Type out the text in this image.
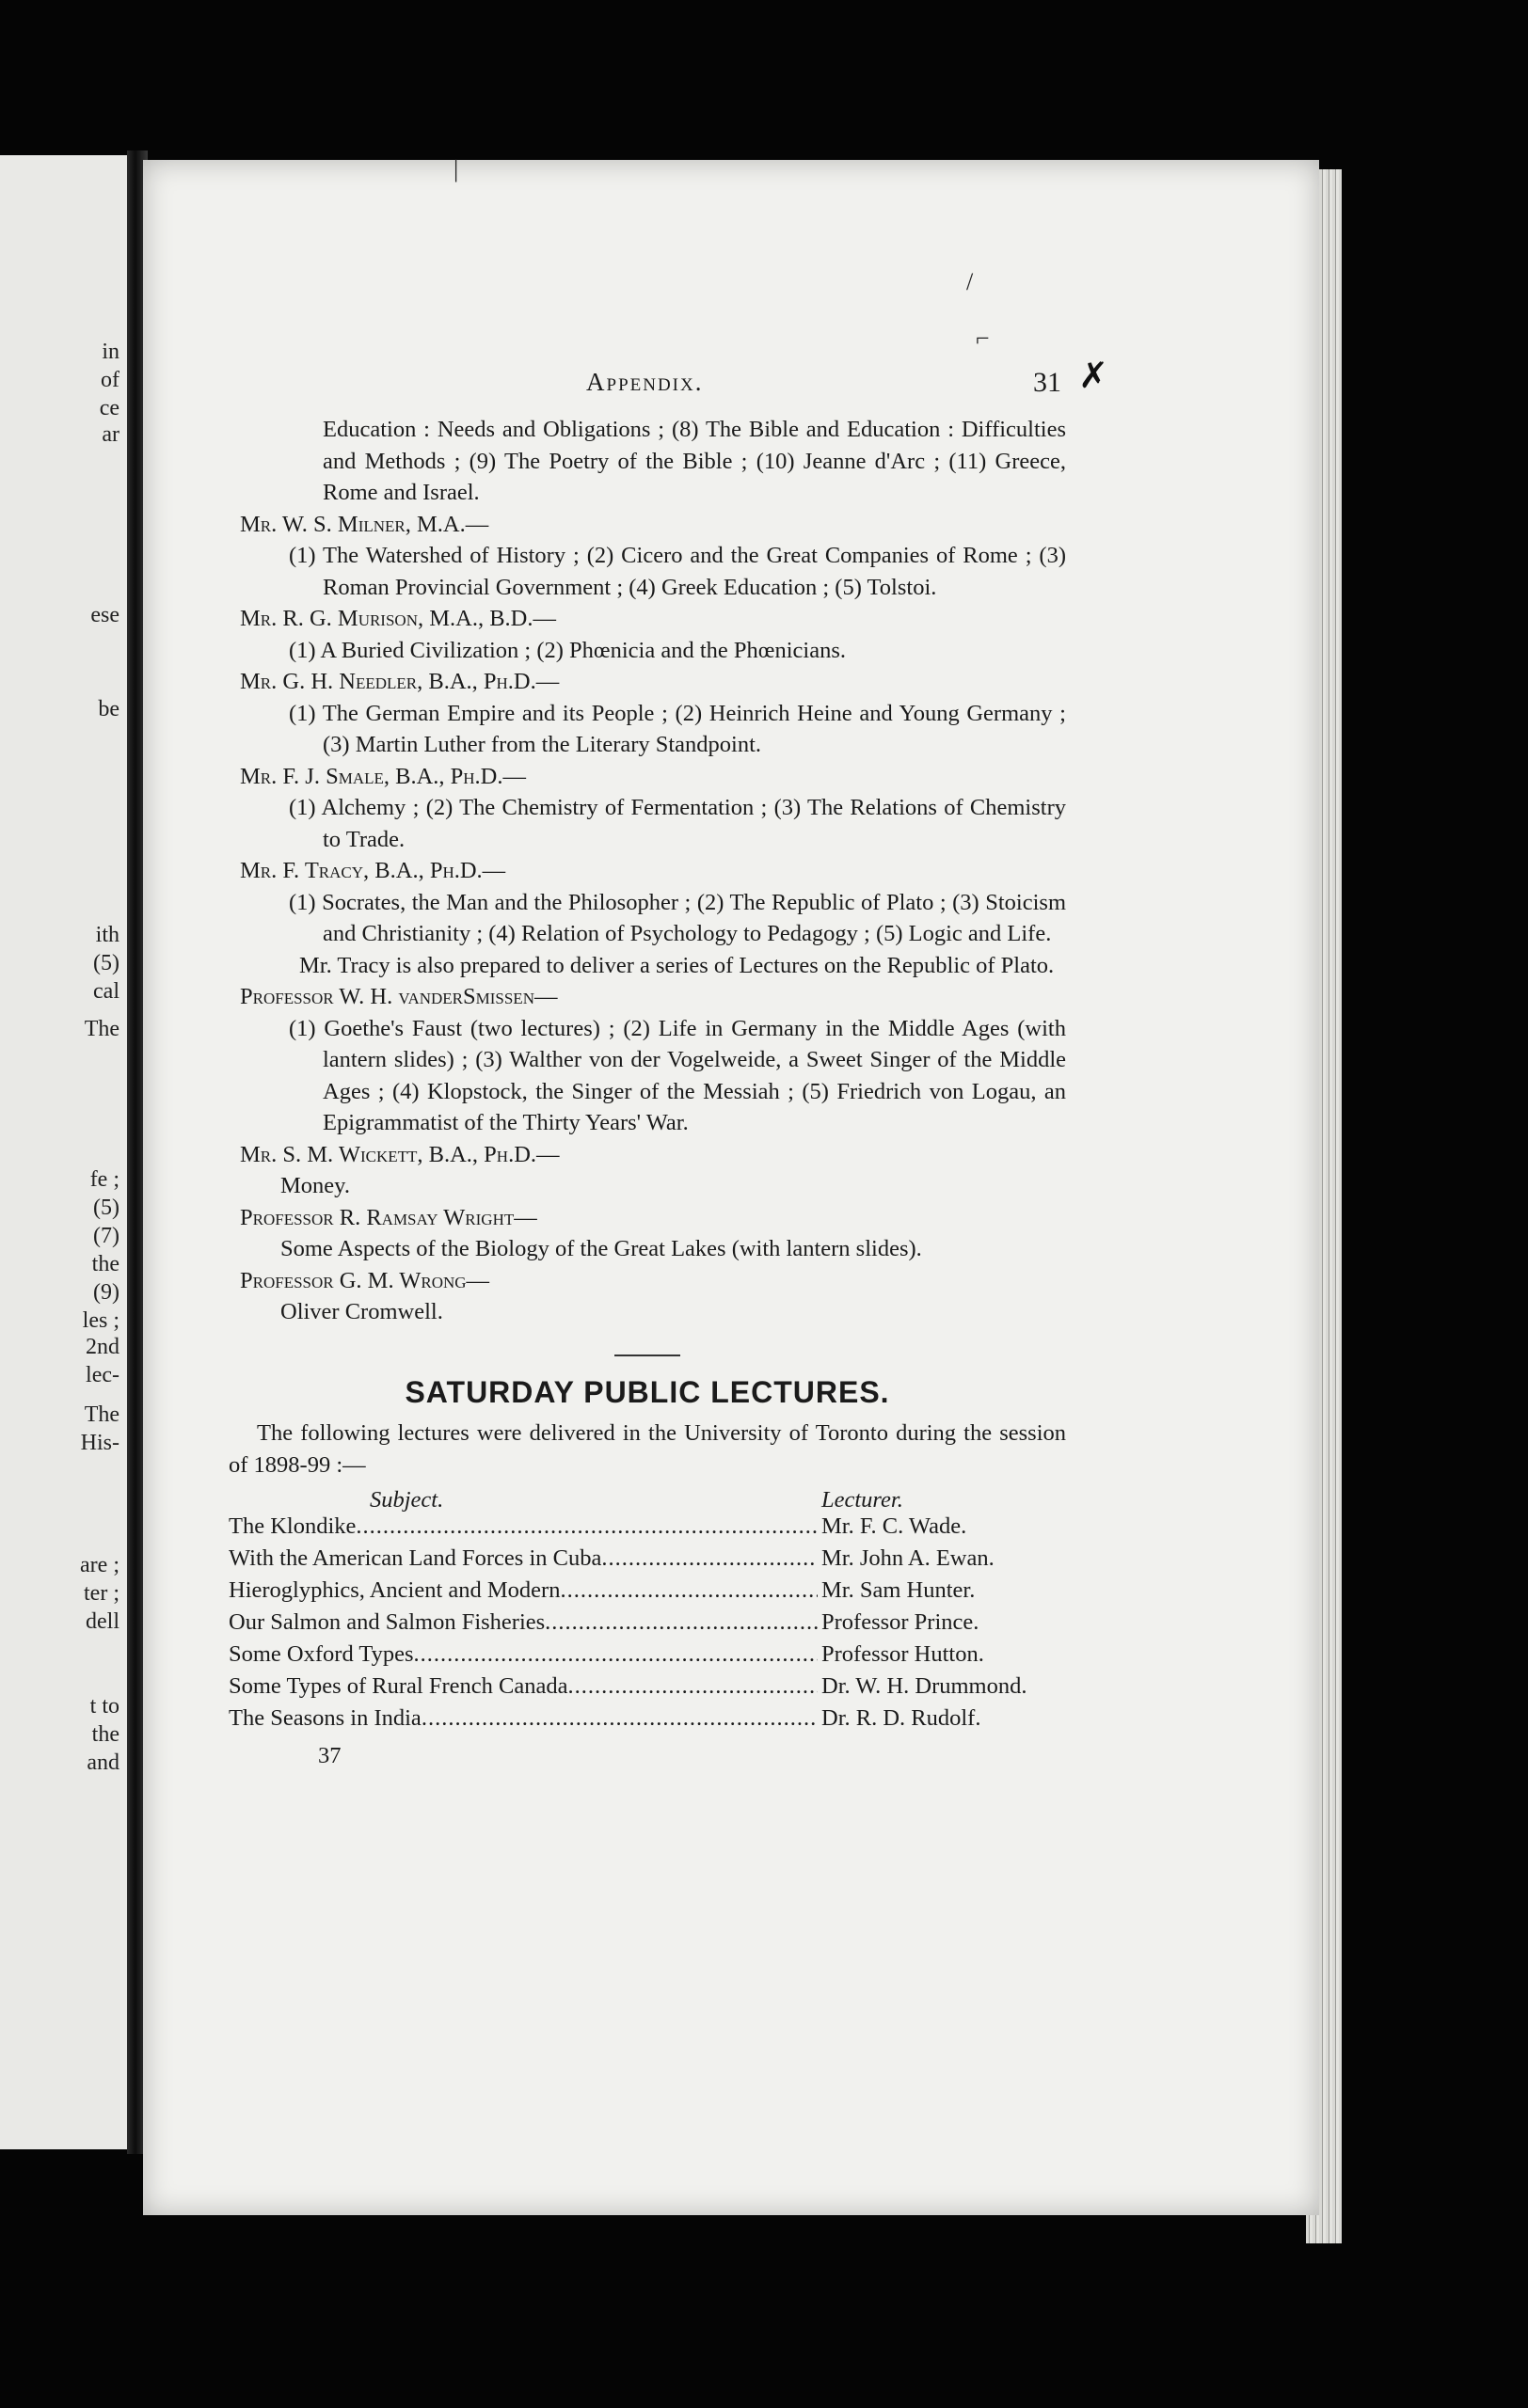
in
of
ce
ar
ese
be
ith
(5)
cal
The
fe ;
(5)
(7)
the
(9)
les ;
2nd
lec-
The
His-
are ;
ter ;
dell
t to
the
and
|
/
⌐
Appendix.	31 ✗
Education : Needs and Obligations ; (8) The Bible and Education : Difficulties and Methods ; (9) The Poetry of the Bible ; (10) Jeanne d'Arc ; (11) Greece, Rome and Israel.
Mr. W. S. Milner, M.A.—
(1) The Watershed of History ; (2) Cicero and the Great Companies of Rome ; (3) Roman Provincial Government ; (4) Greek Education ; (5) Tolstoi.
Mr. R. G. Murison, M.A., B.D.—
(1) A Buried Civilization ; (2) Phœnicia and the Phœnicians.
Mr. G. H. Needler, B.A., Ph.D.—
(1) The German Empire and its People ; (2) Heinrich Heine and Young Germany ; (3) Martin Luther from the Literary Standpoint.
Mr. F. J. Smale, B.A., Ph.D.—
(1) Alchemy ; (2) The Chemistry of Fermentation ; (3) The Relations of Chemistry to Trade.
Mr. F. Tracy, B.A., Ph.D.—
(1) Socrates, the Man and the Philosopher ; (2) The Republic of Plato ; (3) Stoicism and Christianity ; (4) Relation of Psychology to Pedagogy ; (5) Logic and Life.
Mr. Tracy is also prepared to deliver a series of Lectures on the Republic of Plato.
Professor W. H. vanderSmissen—
(1) Goethe's Faust (two lectures) ; (2) Life in Germany in the Middle Ages (with lantern slides) ; (3) Walther von der Vogelweide, a Sweet Singer of the Middle Ages ; (4) Klopstock, the Singer of the Messiah ; (5) Friedrich von Logau, an Epigrammatist of the Thirty Years' War.
Mr. S. M. Wickett, B.A., Ph.D.—
Money.
Professor R. Ramsay Wright—
Some Aspects of the Biology of the Great Lakes (with lantern slides).
Professor G. M. Wrong—
Oliver Cromwell.
SATURDAY PUBLIC LECTURES.
The following lectures were delivered in the University of Toronto during the session of 1898-99 :—
Subject.	Lecturer.
The Klondike .....	Mr. F. C. Wade.
With the American Land Forces in Cuba .....	Mr. John A. Ewan.
Hieroglyphics, Ancient and Modern .....	Mr. Sam Hunter.
Our Salmon and Salmon Fisheries .....	Professor Prince.
Some Oxford Types .....	Professor Hutton.
Some Types of Rural French Canada .....	Dr. W. H. Drummond.
The Seasons in India .....	Dr. R. D. Rudolf.
37
